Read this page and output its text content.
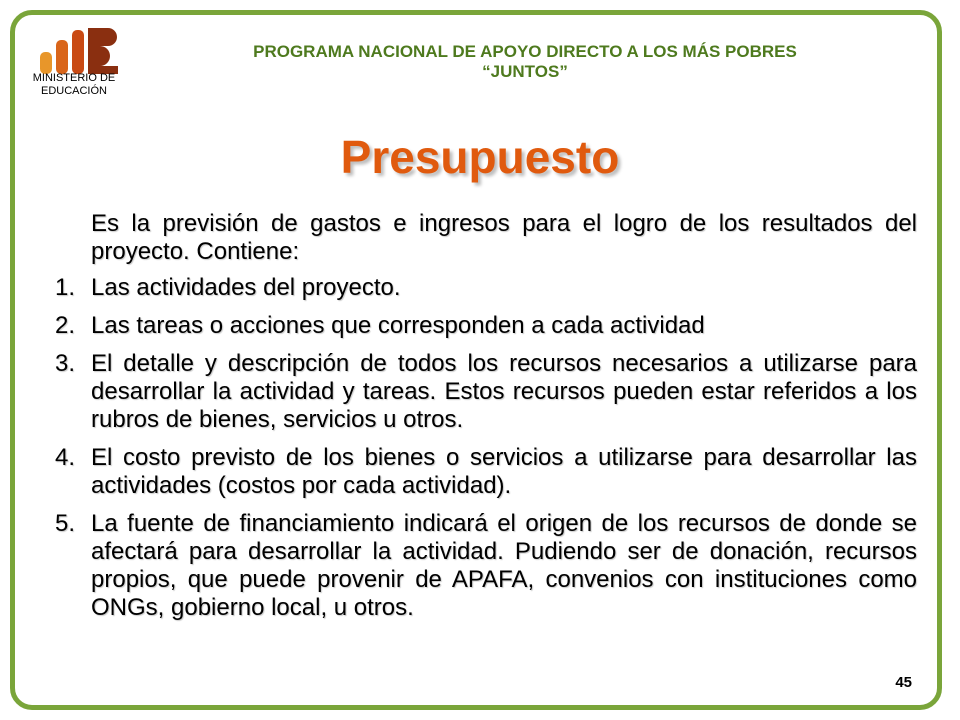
MINISTERIO DE
EDUCACIÓN
PROGRAMA NACIONAL DE APOYO DIRECTO A LOS MÁS POBRES
“JUNTOS”
Presupuesto

Es la previsión de gastos e ingresos para el logro de los resultados del proyecto. Contiene:

1. Las actividades del proyecto.
2. Las tareas o acciones que corresponden a cada actividad
3. El detalle y descripción de todos los recursos necesarios a utilizarse para desarrollar la actividad y tareas. Estos recursos pueden estar referidos a los rubros de bienes, servicios u otros.
4. El costo previsto de los bienes o servicios a utilizarse para desarrollar las actividades (costos por cada actividad).
5. La fuente de financiamiento indicará el origen de los recursos de donde se afectará para desarrollar la actividad. Pudiendo ser de donación, recursos propios, que puede provenir de APAFA, convenios con instituciones como ONGs, gobierno local, u otros.
45
